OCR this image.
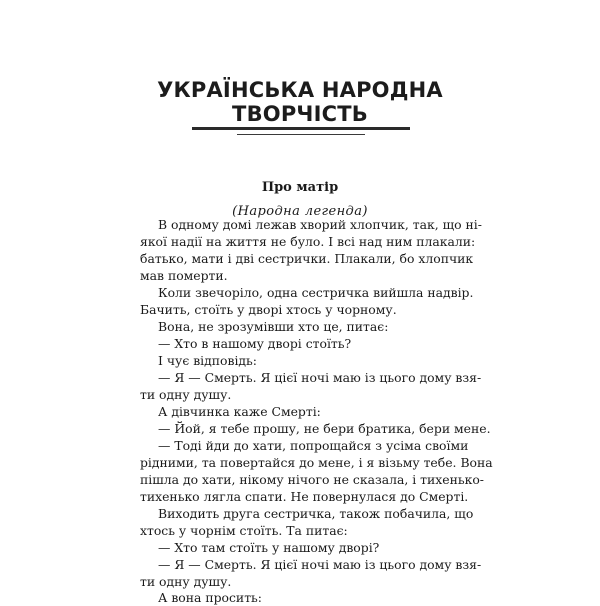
УКРАЇНСЬКА НАРОДНА
ТВОРЧІСТЬ
Про матір
(Народна легенда)
В одному домі лежав хворий хлопчик, так, що ні-
якої надії на життя не було. І всі над ним плакали:
батько, мати і дві сестрички. Плакали, бо хлопчик
мав померти.
Коли звечоріло, одна сестричка вийшла надвір.
Бачить, стоїть у дворі хтось у чорному.
Вона, не зрозумівши хто це, питає:
— Хто в нашому дворі стоїть?
І чує відповідь:
— Я — Смерть. Я цієї ночі маю із цього дому взя-
ти одну душу.
А дівчинка каже Смерті:
— Йой, я тебе прошу, не бери братика, бери мене.
— Тоді йди до хати, попрощайся з усіма своїми
рідними, та повертайся до мене, і я візьму тебе. Вона
пішла до хати, нікому нічого не сказала, і тихенько-
тихенько лягла спати. Не повернулася до Смерті.
Виходить друга сестричка, також побачила, що
хтось у чорнім стоїть. Та питає:
— Хто там стоїть у нашому дворі?
— Я — Смерть. Я цієї ночі маю із цього дому взя-
ти одну душу.
А вона просить:
